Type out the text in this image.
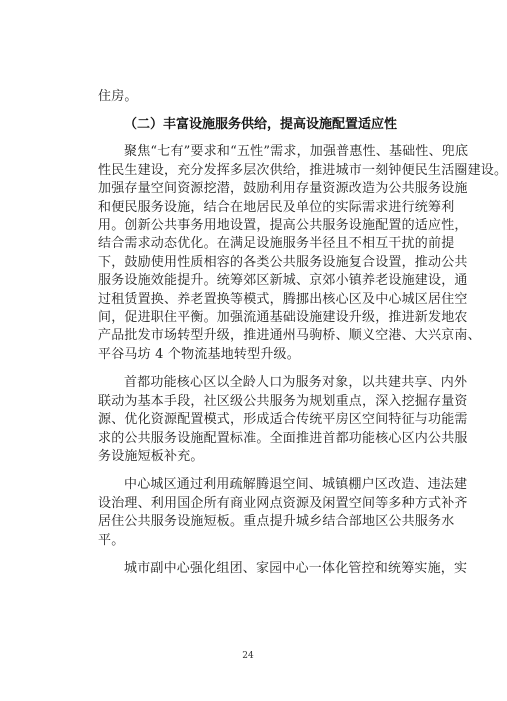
住房。
（二）丰富设施服务供给，提高设施配置适应性
聚焦“七有”要求和“五性”需求，加强普惠性、基础性、兜底
性民生建设，充分发挥多层次供给，推进城市一刻钟便民生活圈建设。
加强存量空间资源挖潜，鼓励利用存量资源改造为公共服务设施
和便民服务设施，结合在地居民及单位的实际需求进行统筹利
用。创新公共事务用地设置，提高公共服务设施配置的适应性，
结合需求动态优化。在满足设施服务半径且不相互干扰的前提
下，鼓励使用性质相容的各类公共服务设施复合设置，推动公共
服务设施效能提升。统筹郊区新城、京郊小镇养老设施建设，通
过租赁置换、养老置换等模式，腾挪出核心区及中心城区居住空
间，促进职住平衡。加强流通基础设施建设升级，推进新发地农
产品批发市场转型升级，推进通州马驹桥、顺义空港、大兴京南、
平谷马坊 4 个物流基地转型升级。
首都功能核心区以全龄人口为服务对象，以共建共享、内外
联动为基本手段，社区级公共服务为规划重点，深入挖掘存量资
源、优化资源配置模式，形成适合传统平房区空间特征与功能需
求的公共服务设施配置标准。全面推进首都功能核心区内公共服
务设施短板补充。
中心城区通过利用疏解腾退空间、城镇棚户区改造、违法建
设治理、利用国企所有商业网点资源及闲置空间等多种方式补齐
居住公共服务设施短板。重点提升城乡结合部地区公共服务水
平。
城市副中心强化组团、家园中心一体化管控和统筹实施，实
24
